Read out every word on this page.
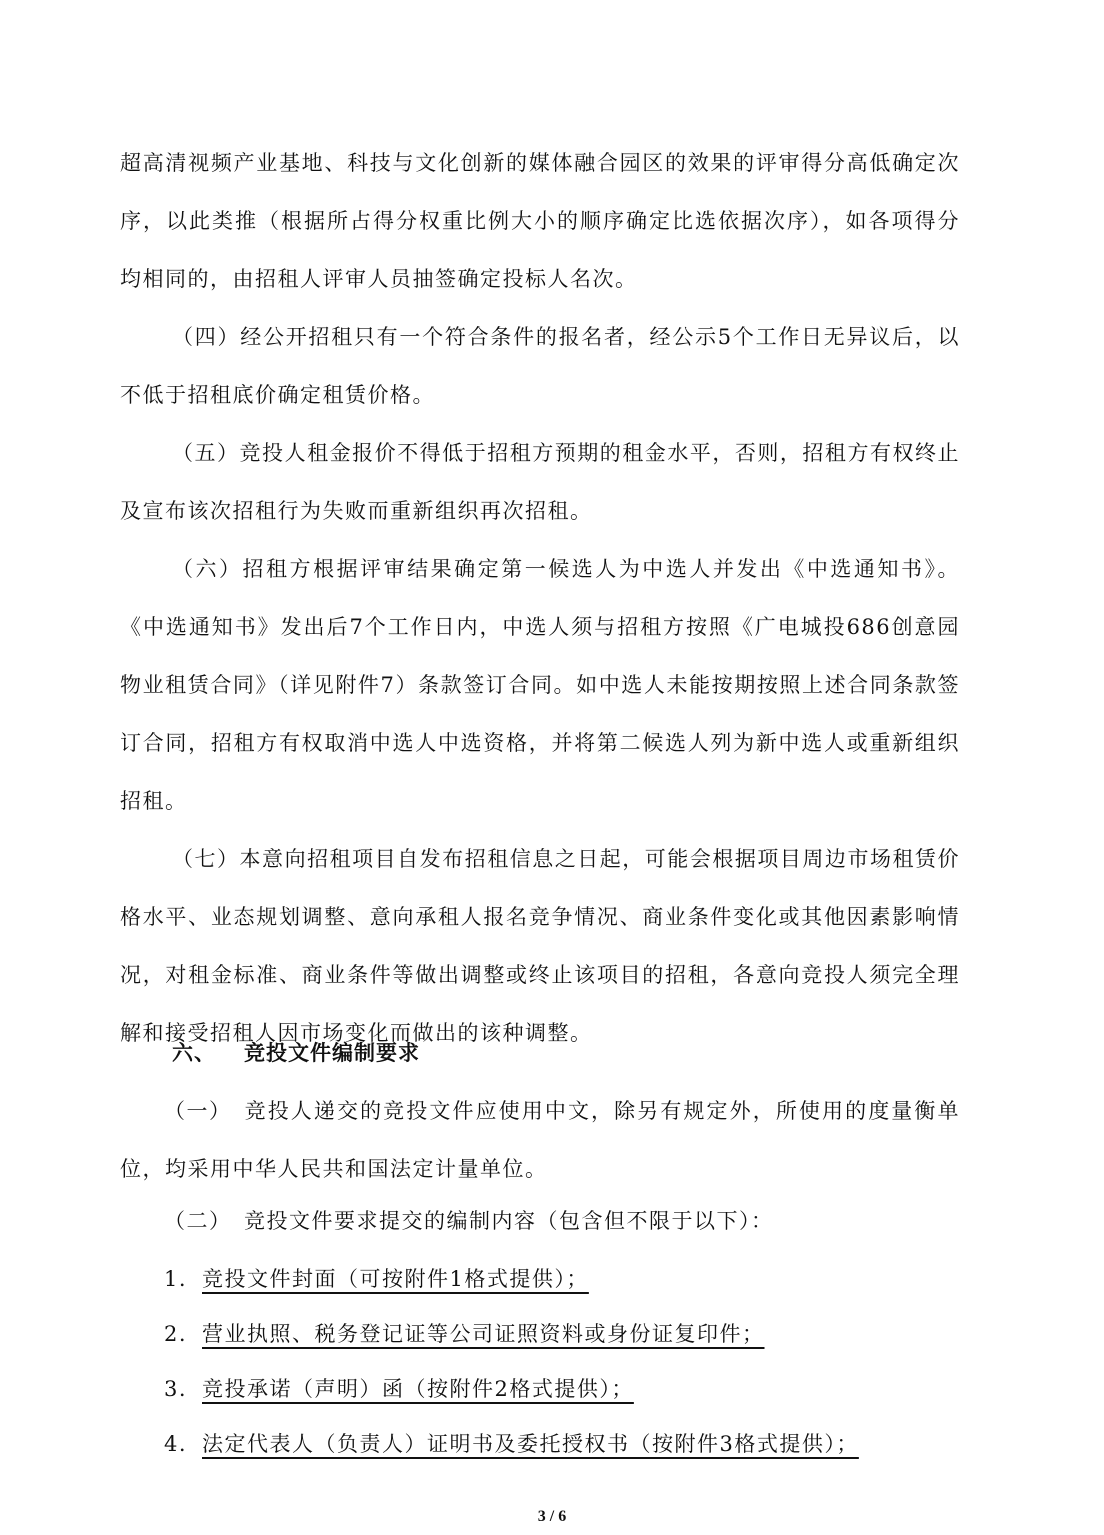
超高清视频产业基地、科技与文化创新的媒体融合园区的效果的评审得分高低确定次序，以此类推（根据所占得分权重比例大小的顺序确定比选依据次序），如各项得分均相同的，由招租人评审人员抽签确定投标人名次。

（四）经公开招租只有一个符合条件的报名者，经公示5个工作日无异议后，以不低于招租底价确定租赁价格。

（五）竞投人租金报价不得低于招租方预期的租金水平，否则，招租方有权终止及宣布该次招租行为失败而重新组织再次招租。

（六）招租方根据评审结果确定第一候选人为中选人并发出《中选通知书》。《中选通知书》发出后7个工作日内，中选人须与招租方按照《广电城投686创意园物业租赁合同》（详见附件7）条款签订合同。如中选人未能按期按照上述合同条款签订合同，招租方有权取消中选人中选资格，并将第二候选人列为新中选人或重新组织招租。

（七）本意向招租项目自发布招租信息之日起，可能会根据项目周边市场租赁价格水平、业态规划调整、意向承租人报名竞争情况、商业条件变化或其他因素影响情况，对租金标准、商业条件等做出调整或终止该项目的招租，各意向竞投人须完全理解和接受招租人因市场变化而做出的该种调整。

六、 竞投文件编制要求

（一） 竞投人递交的竞投文件应使用中文，除另有规定外，所使用的度量衡单位，均采用中华人民共和国法定计量单位。

（二） 竞投文件要求提交的编制内容（包含但不限于以下）：

1. 竞投文件封面（可按附件1格式提供）；

2. 营业执照、税务登记证等公司证照资料或身份证复印件；

3. 竞投承诺（声明）函（按附件2格式提供）；

4. 法定代表人（负责人）证明书及委托授权书（按附件3格式提供）；

3 / 6
